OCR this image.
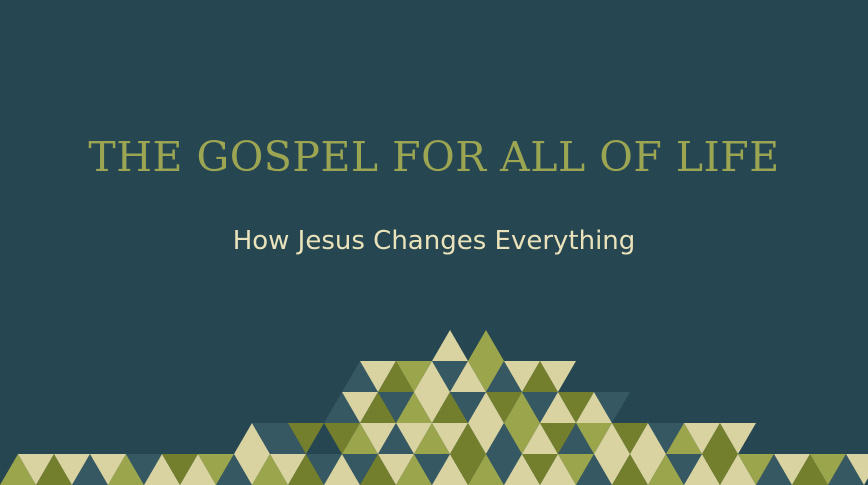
THE GOSPEL FOR ALL OF LIFE
How Jesus Changes Everything
